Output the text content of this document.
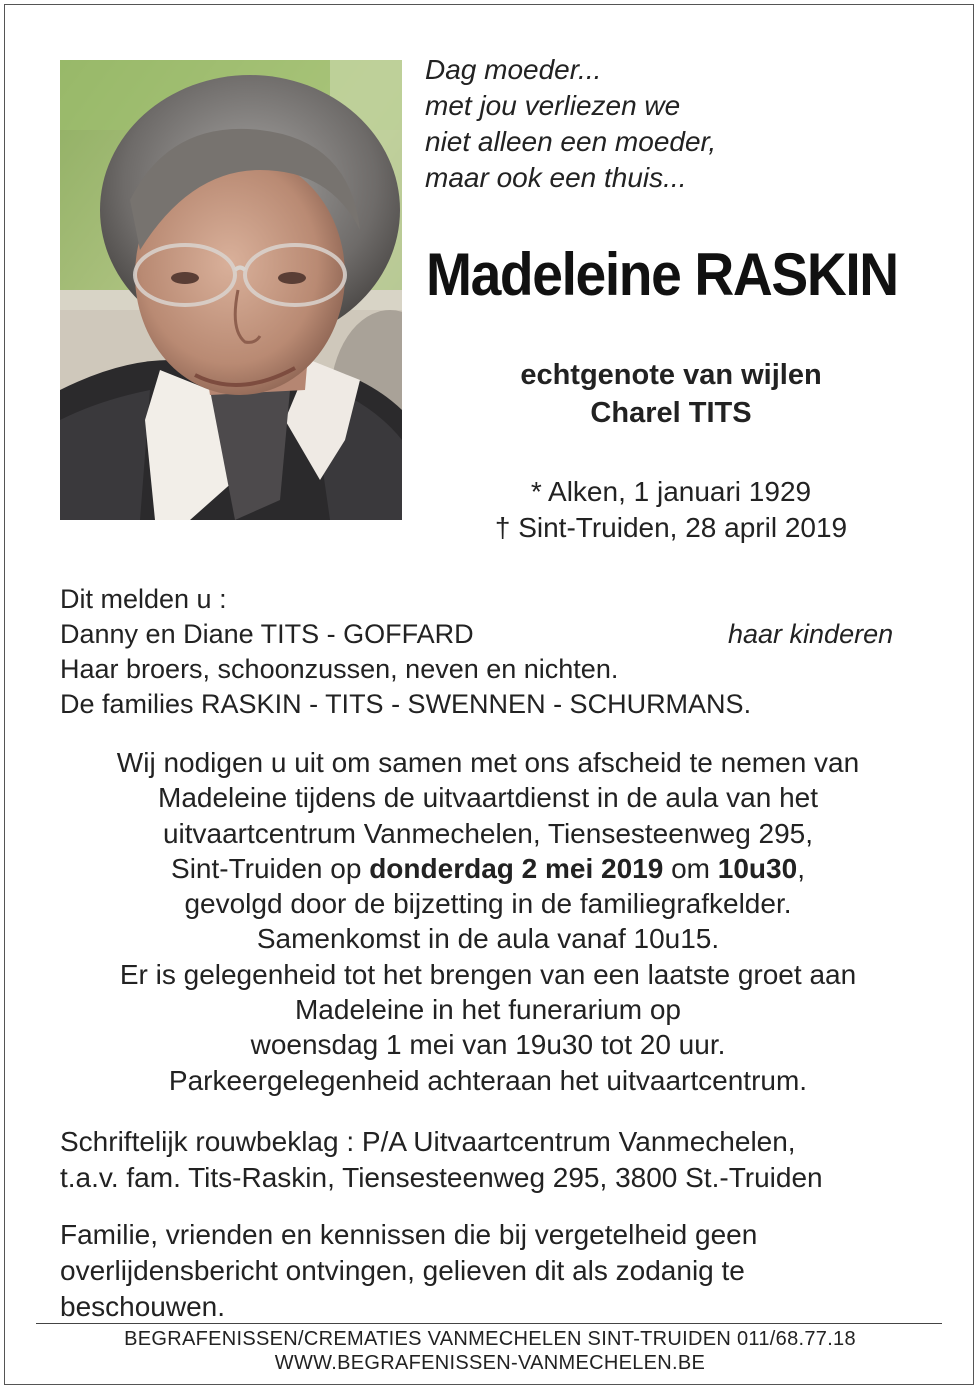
Dag moeder...
met jou verliezen we
niet alleen een moeder,
maar ook een thuis...
Madeleine RASKIN
echtgenote van wijlen
Charel TITS
* Alken, 1 januari 1929
† Sint-Truiden, 28 april 2019
Dit melden u :
Danny en Diane TITS - GOFFARD	haar kinderen
Haar broers, schoonzussen, neven en nichten.
De families RASKIN - TITS - SWENNEN - SCHURMANS.
Wij nodigen u uit om samen met ons afscheid te nemen van
Madeleine tijdens de uitvaartdienst in de aula van het
uitvaartcentrum Vanmechelen, Tiensesteenweg 295,
Sint-Truiden op donderdag 2 mei 2019 om 10u30,
gevolgd door de bijzetting in de familiegrafkelder.
Samenkomst in de aula vanaf 10u15.
Er is gelegenheid tot het brengen van een laatste groet aan
Madeleine in het funerarium op
woensdag 1 mei van 19u30 tot 20 uur.
Parkeergelegenheid achteraan het uitvaartcentrum.
Schriftelijk rouwbeklag : P/A Uitvaartcentrum Vanmechelen,
t.a.v. fam. Tits-Raskin, Tiensesteenweg 295, 3800 St.-Truiden
Familie, vrienden en kennissen die bij vergetelheid geen
overlijdensbericht ontvingen, gelieven dit als zodanig te
beschouwen.
BEGRAFENISSEN/CREMATIES VANMECHELEN SINT-TRUIDEN 011/68.77.18
WWW.BEGRAFENISSEN-VANMECHELEN.BE
